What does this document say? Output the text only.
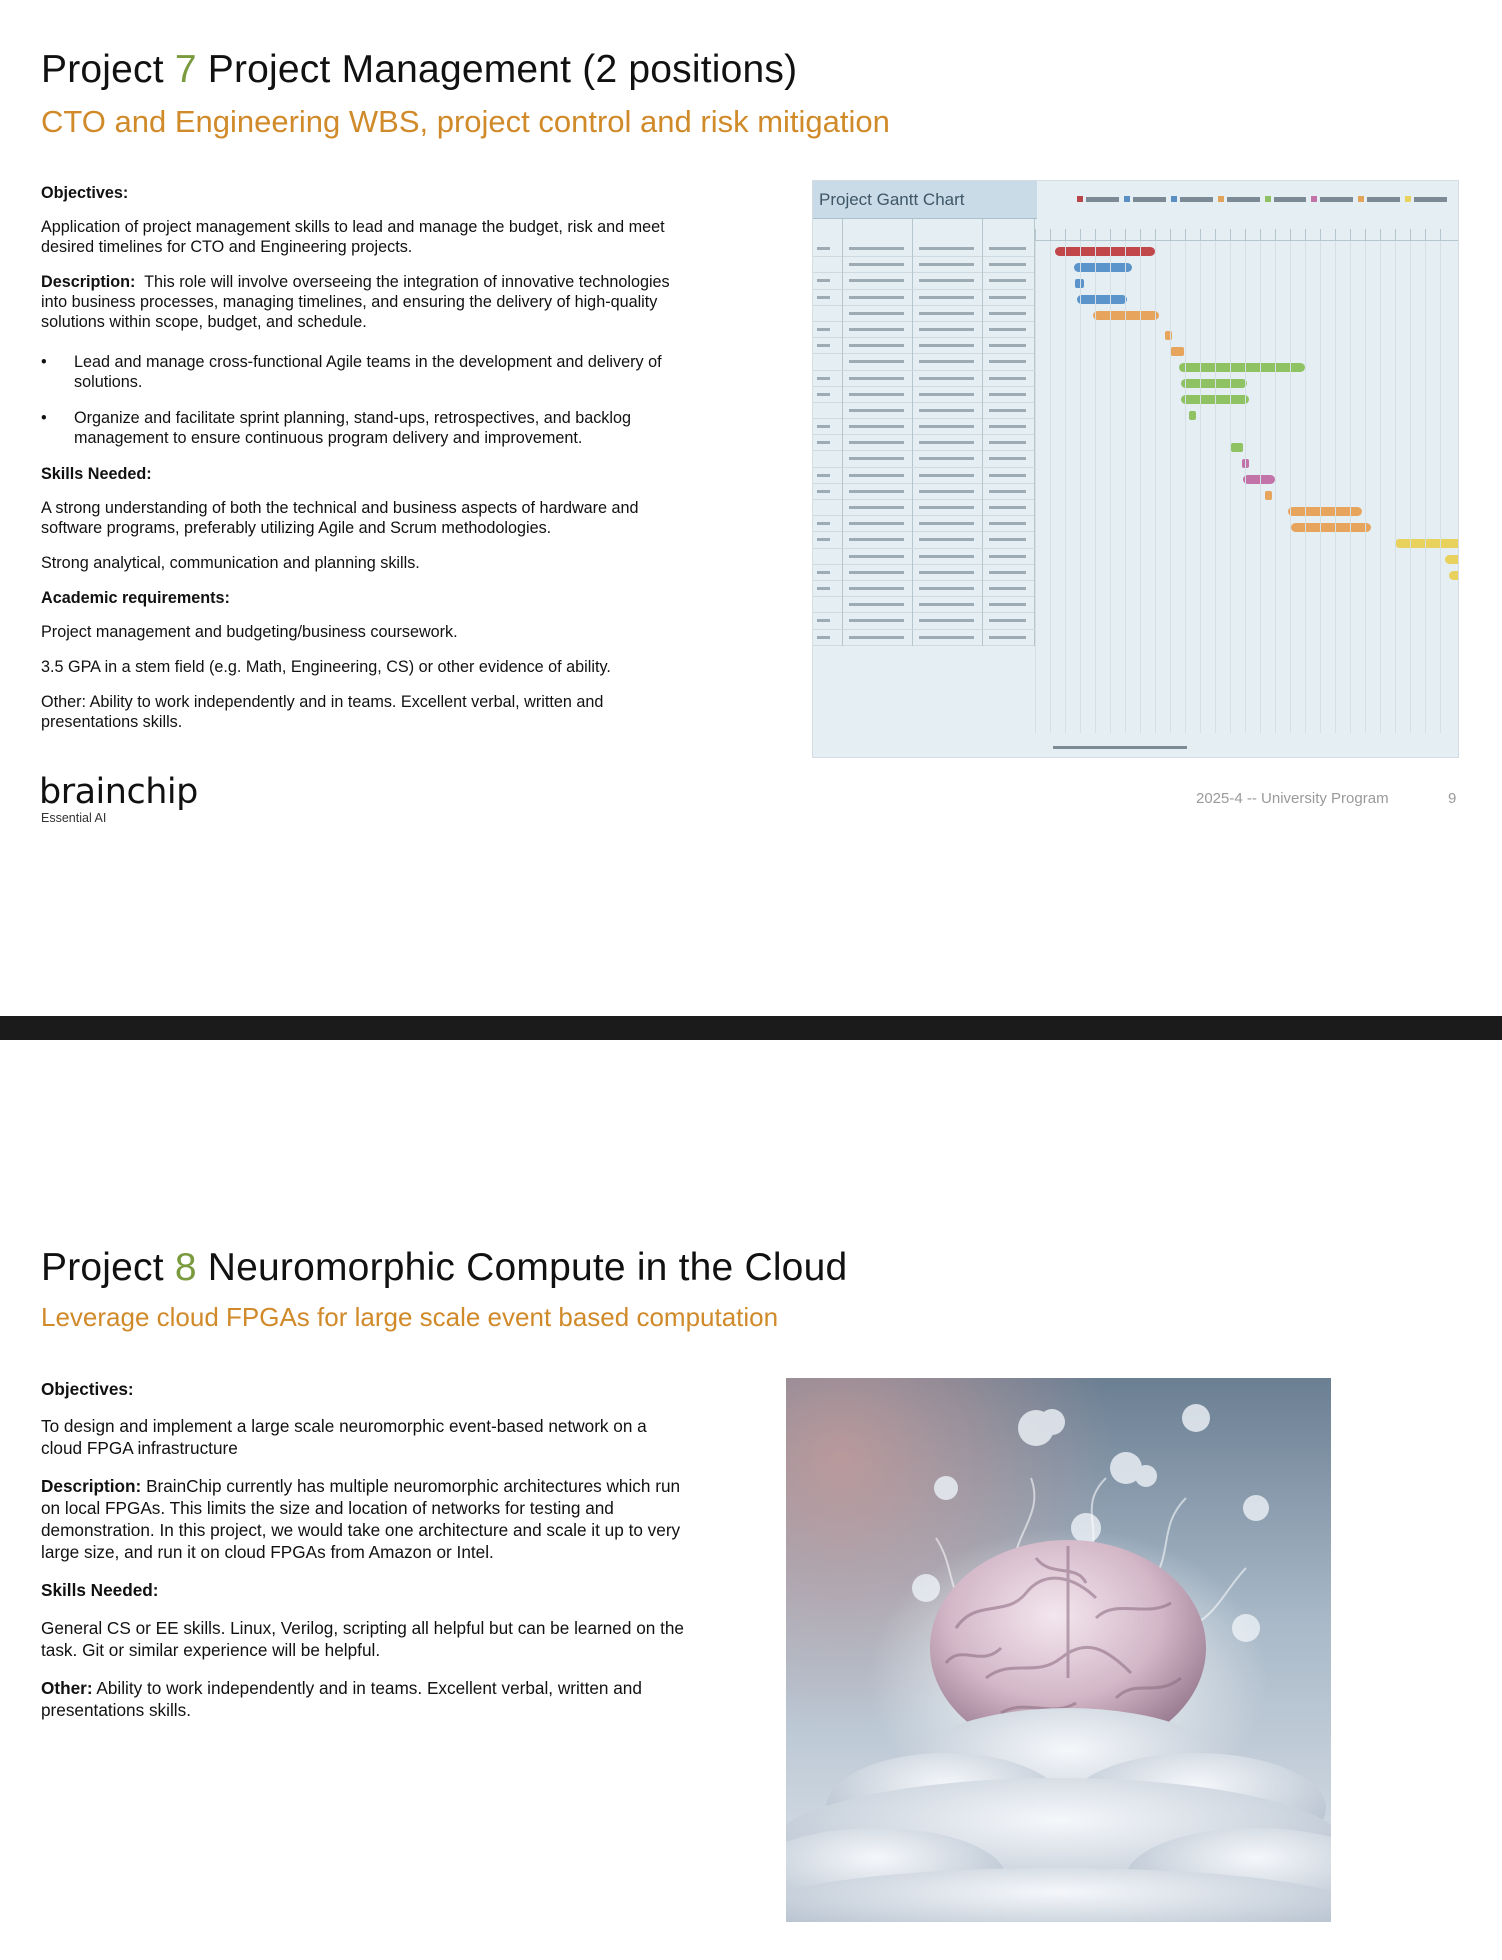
Project 7 Project Management (2 positions)
CTO and Engineering WBS, project control and risk mitigation

Objectives:

Application of project management skills to lead and manage the budget, risk and meet desired timelines for CTO and Engineering projects.

Description: This role will involve overseeing the integration of innovative technologies into business processes, managing timelines, and ensuring the delivery of high-quality solutions within scope, budget, and schedule.

• Lead and manage cross-functional Agile teams in the development and delivery of solutions.
• Organize and facilitate sprint planning, stand-ups, retrospectives, and backlog management to ensure continuous program delivery and improvement.

Skills Needed:

A strong understanding of both the technical and business aspects of hardware and software programs, preferably utilizing Agile and Scrum methodologies.

Strong analytical, communication and planning skills.

Academic requirements:

Project management and budgeting/business coursework.

3.5 GPA in a stem field (e.g. Math, Engineering, CS) or other evidence of ability.

Other: Ability to work independently and in teams. Excellent verbal, written and presentations skills.

Project Gantt Chart
brainchip
Essential AI
2025-4 -- University Program	9
Project 8 Neuromorphic Compute in the Cloud
Leverage cloud FPGAs for large scale event based computation

Objectives:

To design and implement a large scale neuromorphic event-based network on a cloud FPGA infrastructure

Description: BrainChip currently has multiple neuromorphic architectures which run on local FPGAs. This limits the size and location of networks for testing and demonstration. In this project, we would take one architecture and scale it up to very large size, and run it on cloud FPGAs from Amazon or Intel.

Skills Needed:

General CS or EE skills. Linux, Verilog, scripting all helpful but can be learned on the task. Git or similar experience will be helpful.

Other: Ability to work independently and in teams. Excellent verbal, written and presentations skills.
